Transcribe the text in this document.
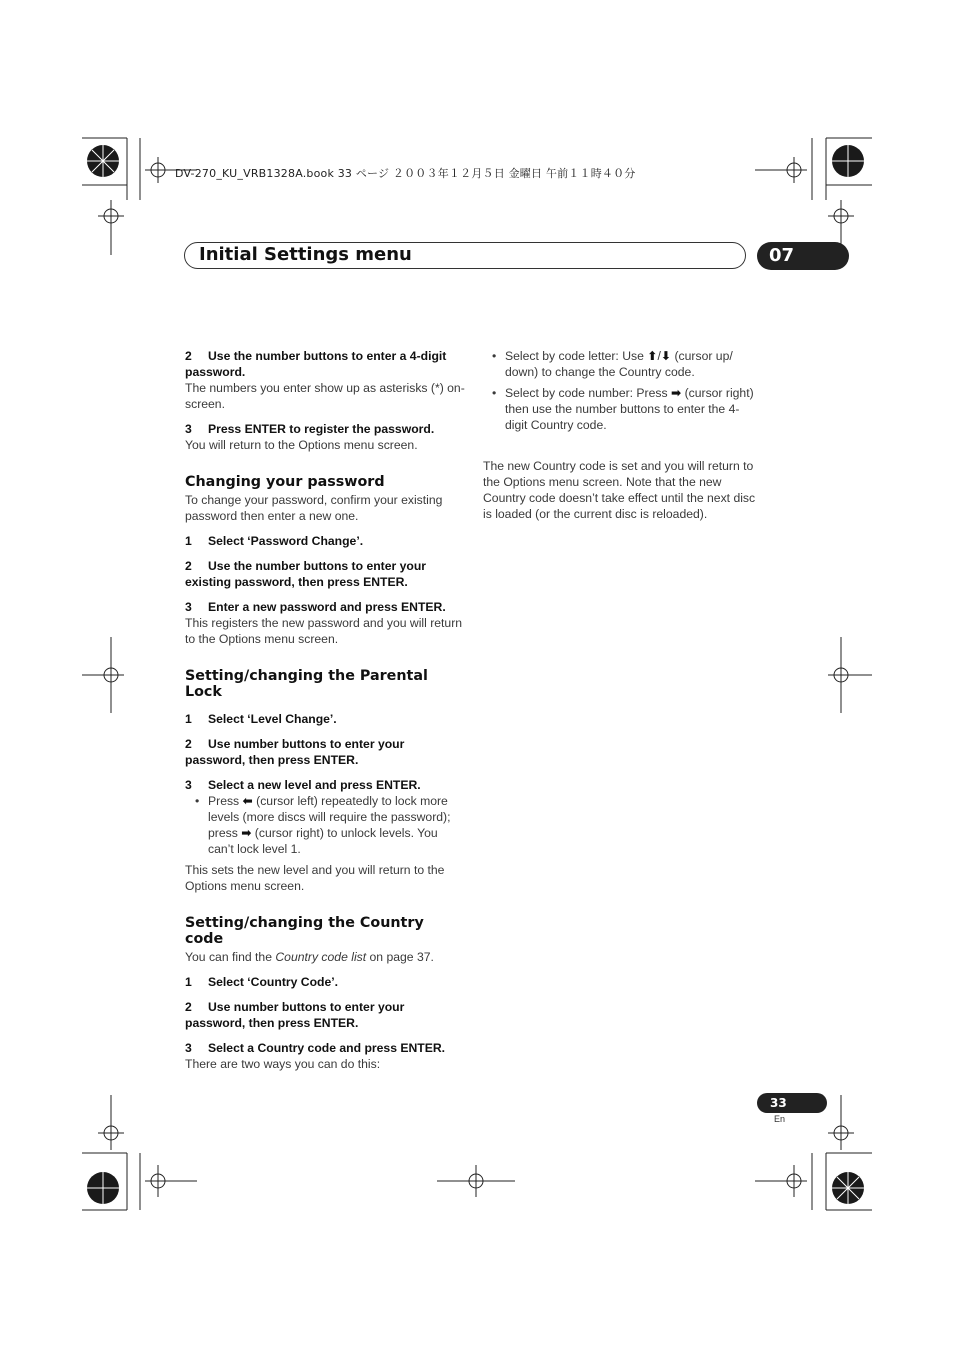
DV-270_KU_VRB1328A.book 33 ページ ２００３年１２月５日 金曜日 午前１１時４０分
Initial Settings menu	07

2 Use the number buttons to enter a 4-digit password.

The numbers you enter show up as asterisks (*) on-screen.

3 Press ENTER to register the password.

You will return to the Options menu screen.

Changing your password

To change your password, confirm your existing password then enter a new one.

1 Select ‘Password Change’.

2 Use the number buttons to enter your existing password, then press ENTER.

3 Enter a new password and press ENTER.

This registers the new password and you will return to the Options menu screen.

Setting/changing the Parental Lock

1 Select ‘Level Change’.

2 Use number buttons to enter your password, then press ENTER.

3 Select a new level and press ENTER.

• Press ⬅ (cursor left) repeatedly to lock more levels (more discs will require the password); press ➡ (cursor right) to unlock levels. You can’t lock level 1.

This sets the new level and you will return to the Options menu screen.

Setting/changing the Country code

You can find the Country code list on page 37.

1 Select ‘Country Code’.

2 Use number buttons to enter your password, then press ENTER.

3 Select a Country code and press ENTER.

There are two ways you can do this:

• Select by code letter: Use ⬆/⬇ (cursor up/ down) to change the Country code.

• Select by code number: Press ➡ (cursor right) then use the number buttons to enter the 4-digit Country code.

The new Country code is set and you will return to the Options menu screen. Note that the new Country code doesn’t take effect until the next disc is loaded (or the current disc is reloaded).

33
En
